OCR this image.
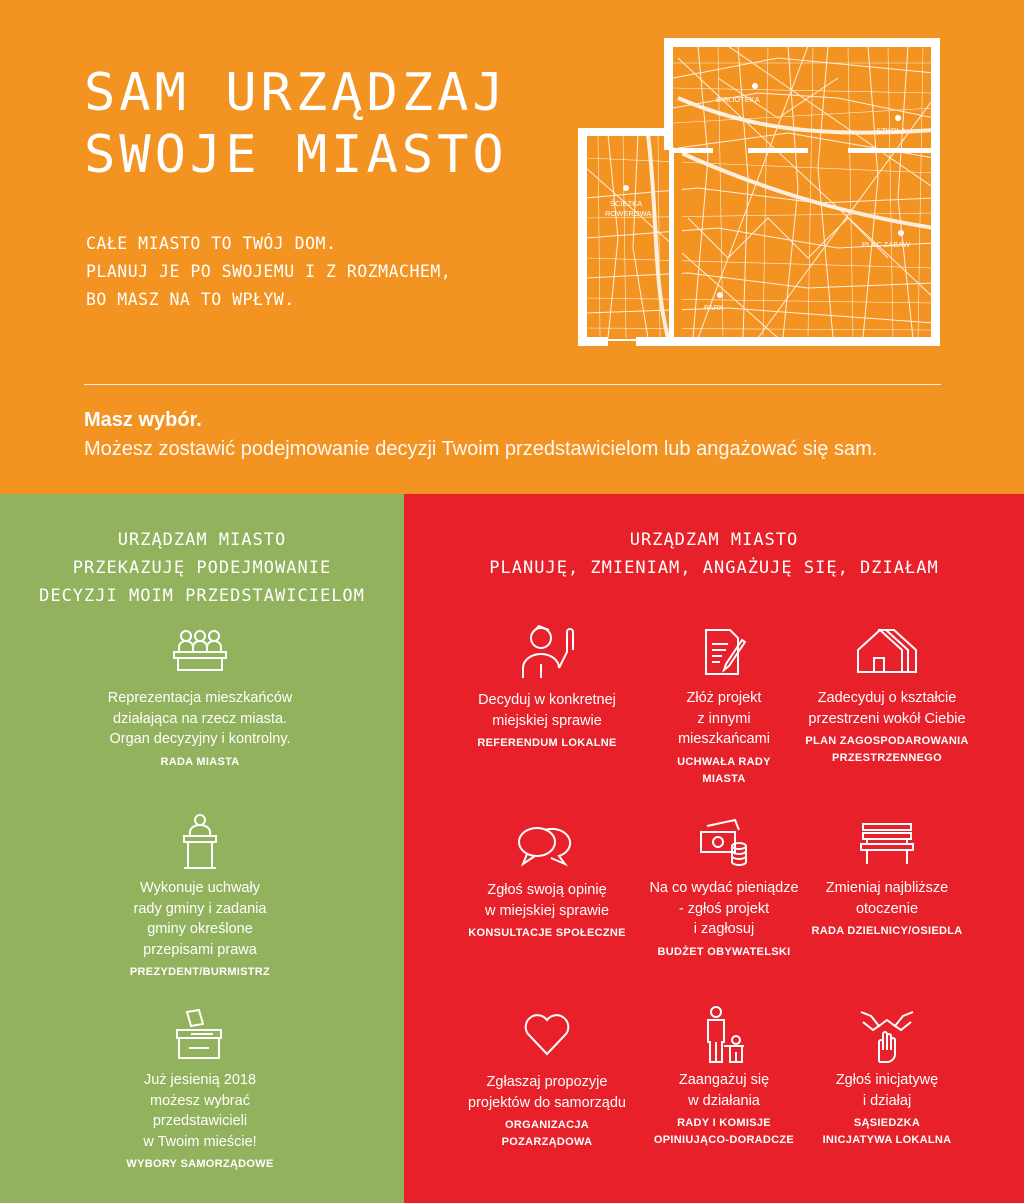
SAM URZĄDZAJ
SWOJE MIASTO
CAŁE MIASTO TO TWÓJ DOM.
PLANUJ JE PO SWOJEMU I Z ROZMACHEM,
BO MASZ NA TO WPŁYW.
BIBLIOTEKA
SZKOŁA
ŚCIEŻKA
ROWEROWA
PLAC ZABAW
PARK
Masz wybór.
Możesz zostawić podejmowanie decyzji Twoim przedstawicielom lub angażować się sam.
URZĄDZAM MIASTO
PRZEKAZUJĘ PODEJMOWANIE
DECYZJI MOIM PRZEDSTAWICIELOM
Reprezentacja mieszkańców
działająca na rzecz miasta.
Organ decyzyjny i kontrolny.
RADA MIASTA
Wykonuje uchwały
rady gminy i zadania
gminy określone
przepisami prawa
PREZYDENT/BURMISTRZ
Już jesienią 2018
możesz wybrać
przedstawicieli
w Twoim mieście!
WYBORY SAMORZĄDOWE
URZĄDZAM MIASTO
PLANUJĘ, ZMIENIAM, ANGAŻUJĘ SIĘ, DZIAŁAM
Decyduj w konkretnej
miejskiej sprawie
REFERENDUM LOKALNE
Złóż projekt
z innymi
mieszkańcami
UCHWAŁA RADY
MIASTA
Zadecyduj o kształcie
przestrzeni wokół Ciebie
PLAN ZAGOSPODAROWANIA
PRZESTRZENNEGO
Zgłoś swoją opinię
w miejskiej sprawie
KONSULTACJE SPOŁECZNE
Na co wydać pieniądze
- zgłoś projekt
i zagłosuj
BUDŻET OBYWATELSKI
Zmieniaj najbliższe
otoczenie
RADA DZIELNICY/OSIEDLA
Zgłaszaj propozyje
projektów do samorządu
ORGANIZACJA
POZARZĄDOWA
Zaangażuj się
w działania
RADY I KOMISJE
OPINIUJĄCO-DORADCZE
Zgłoś inicjatywę
i działaj
SĄSIEDZKA
INICJATYWA LOKALNA
